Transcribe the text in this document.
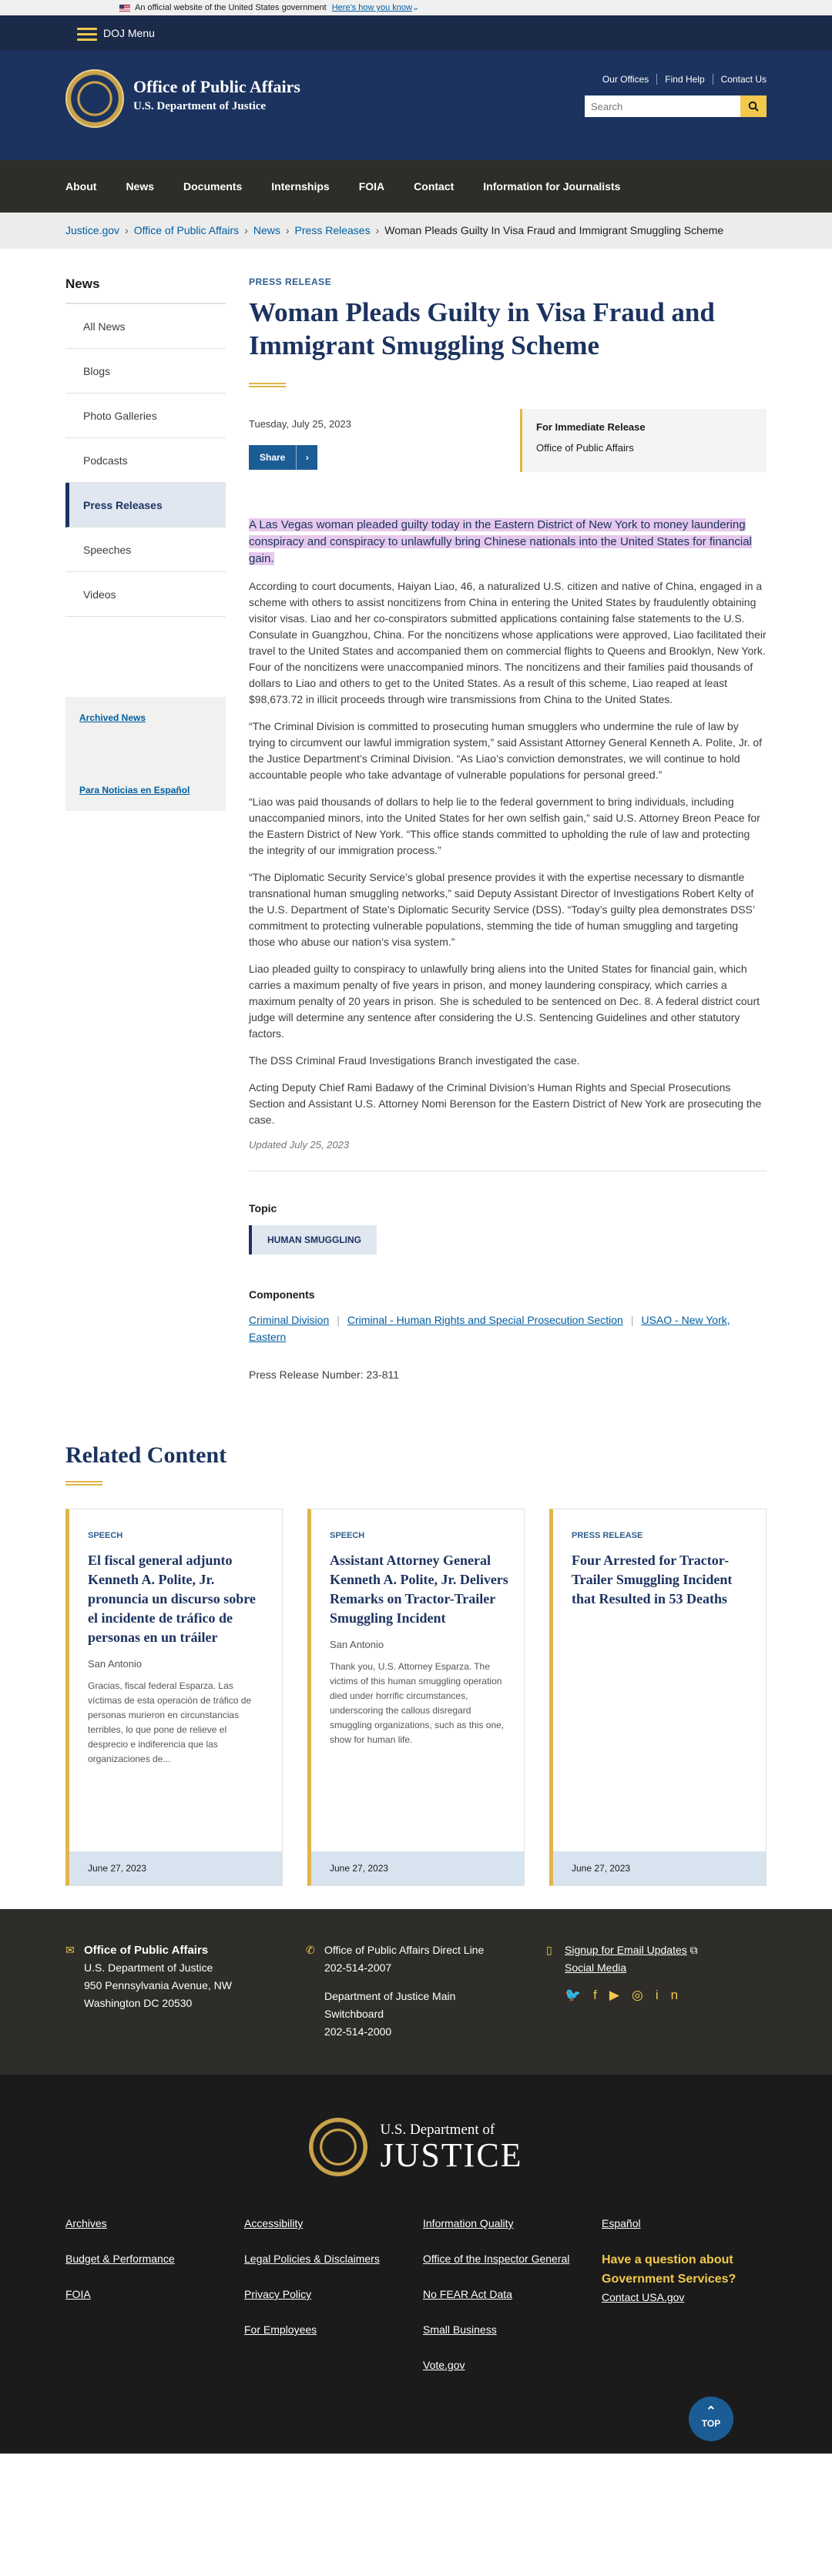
An official website of the United States government Here's how you know⌄
DOJ Menu
Office of Public Affairs
U.S. Department of Justice
Our Offices Find Help Contact Us
Search
About	News	Documents	Internships	FOIA	Contact	Information for Journalists
Justice.gov › Office of Public Affairs › News › Press Releases › Woman Pleads Guilty In Visa Fraud and Immigrant Smuggling Scheme
News
All News
Blogs
Photo Galleries
Podcasts
Press Releases
Speeches
Videos
Archived News
Para Noticias en Español
PRESS RELEASE
Woman Pleads Guilty in Visa Fraud and Immigrant Smuggling Scheme
Tuesday, July 25, 2023
Share	›
For Immediate Release
Office of Public Affairs

A Las Vegas woman pleaded guilty today in the Eastern District of New York to money laundering conspiracy and conspiracy to unlawfully bring Chinese nationals into the United States for financial gain.

According to court documents, Haiyan Liao, 46, a naturalized U.S. citizen and native of China, engaged in a scheme with others to assist noncitizens from China in entering the United States by fraudulently obtaining visitor visas. Liao and her co-conspirators submitted applications containing false statements to the U.S. Consulate in Guangzhou, China. For the noncitizens whose applications were approved, Liao facilitated their travel to the United States and accompanied them on commercial flights to Queens and Brooklyn, New York. Four of the noncitizens were unaccompanied minors. The noncitizens and their families paid thousands of dollars to Liao and others to get to the United States. As a result of this scheme, Liao reaped at least $98,673.72 in illicit proceeds through wire transmissions from China to the United States.

“The Criminal Division is committed to prosecuting human smugglers who undermine the rule of law by trying to circumvent our lawful immigration system,” said Assistant Attorney General Kenneth A. Polite, Jr. of the Justice Department’s Criminal Division. “As Liao’s conviction demonstrates, we will continue to hold accountable people who take advantage of vulnerable populations for personal greed.”

“Liao was paid thousands of dollars to help lie to the federal government to bring individuals, including unaccompanied minors, into the United States for her own selfish gain,” said U.S. Attorney Breon Peace for the Eastern District of New York. “This office stands committed to upholding the rule of law and protecting the integrity of our immigration process.”

“The Diplomatic Security Service’s global presence provides it with the expertise necessary to dismantle transnational human smuggling networks,” said Deputy Assistant Director of Investigations Robert Kelty of the U.S. Department of State’s Diplomatic Security Service (DSS). “Today’s guilty plea demonstrates DSS’ commitment to protecting vulnerable populations, stemming the tide of human smuggling and targeting those who abuse our nation’s visa system.”

Liao pleaded guilty to conspiracy to unlawfully bring aliens into the United States for financial gain, which carries a maximum penalty of five years in prison, and money laundering conspiracy, which carries a maximum penalty of 20 years in prison. She is scheduled to be sentenced on Dec. 8. A federal district court judge will determine any sentence after considering the U.S. Sentencing Guidelines and other statutory factors.

The DSS Criminal Fraud Investigations Branch investigated the case.

Acting Deputy Chief Rami Badawy of the Criminal Division’s Human Rights and Special Prosecutions Section and Assistant U.S. Attorney Nomi Berenson for the Eastern District of New York are prosecuting the case.

Updated July 25, 2023
Topic
HUMAN SMUGGLING
Components
Criminal Division | Criminal - Human Rights and Special Prosecution Section | USAO - New York, Eastern
Press Release Number: 23-811
Related Content
SPEECH
El fiscal general adjunto Kenneth A. Polite, Jr. pronuncia un discurso sobre el incidente de tráfico de personas en un tráiler
San Antonio
Gracias, fiscal federal Esparza. Las víctimas de esta operación de tráfico de personas murieron en circunstancias terribles, lo que pone de relieve el desprecio e indiferencia que las organizaciones de...
June 27, 2023
SPEECH
Assistant Attorney General Kenneth A. Polite, Jr. Delivers Remarks on Tractor-Trailer Smuggling Incident
San Antonio
Thank you, U.S. Attorney Esparza. The victims of this human smuggling operation died under horrific circumstances, underscoring the callous disregard smuggling organizations, such as this one, show for human life.
June 27, 2023
PRESS RELEASE
Four Arrested for Tractor-Trailer Smuggling Incident that Resulted in 53 Deaths
June 27, 2023
✉ Office of Public Affairs
U.S. Department of Justice
950 Pennsylvania Avenue, NW
Washington DC 20530
✆ Office of Public Affairs Direct Line
202-514-2007

Department of Justice Main
Switchboard
202-514-2000
▯ Signup for Email Updates ⧉
Social Media
🐦f▶◎in
U.S. Department of
JUSTICE
Archives
Budget & Performance
FOIA
Accessibility
Legal Policies & Disclaimers
Privacy Policy
For Employees
Information Quality
Office of the Inspector General
No FEAR Act Data
Small Business
Vote.gov
Español

Have a question about Government Services?

Contact USA.gov
⌃
TOP
